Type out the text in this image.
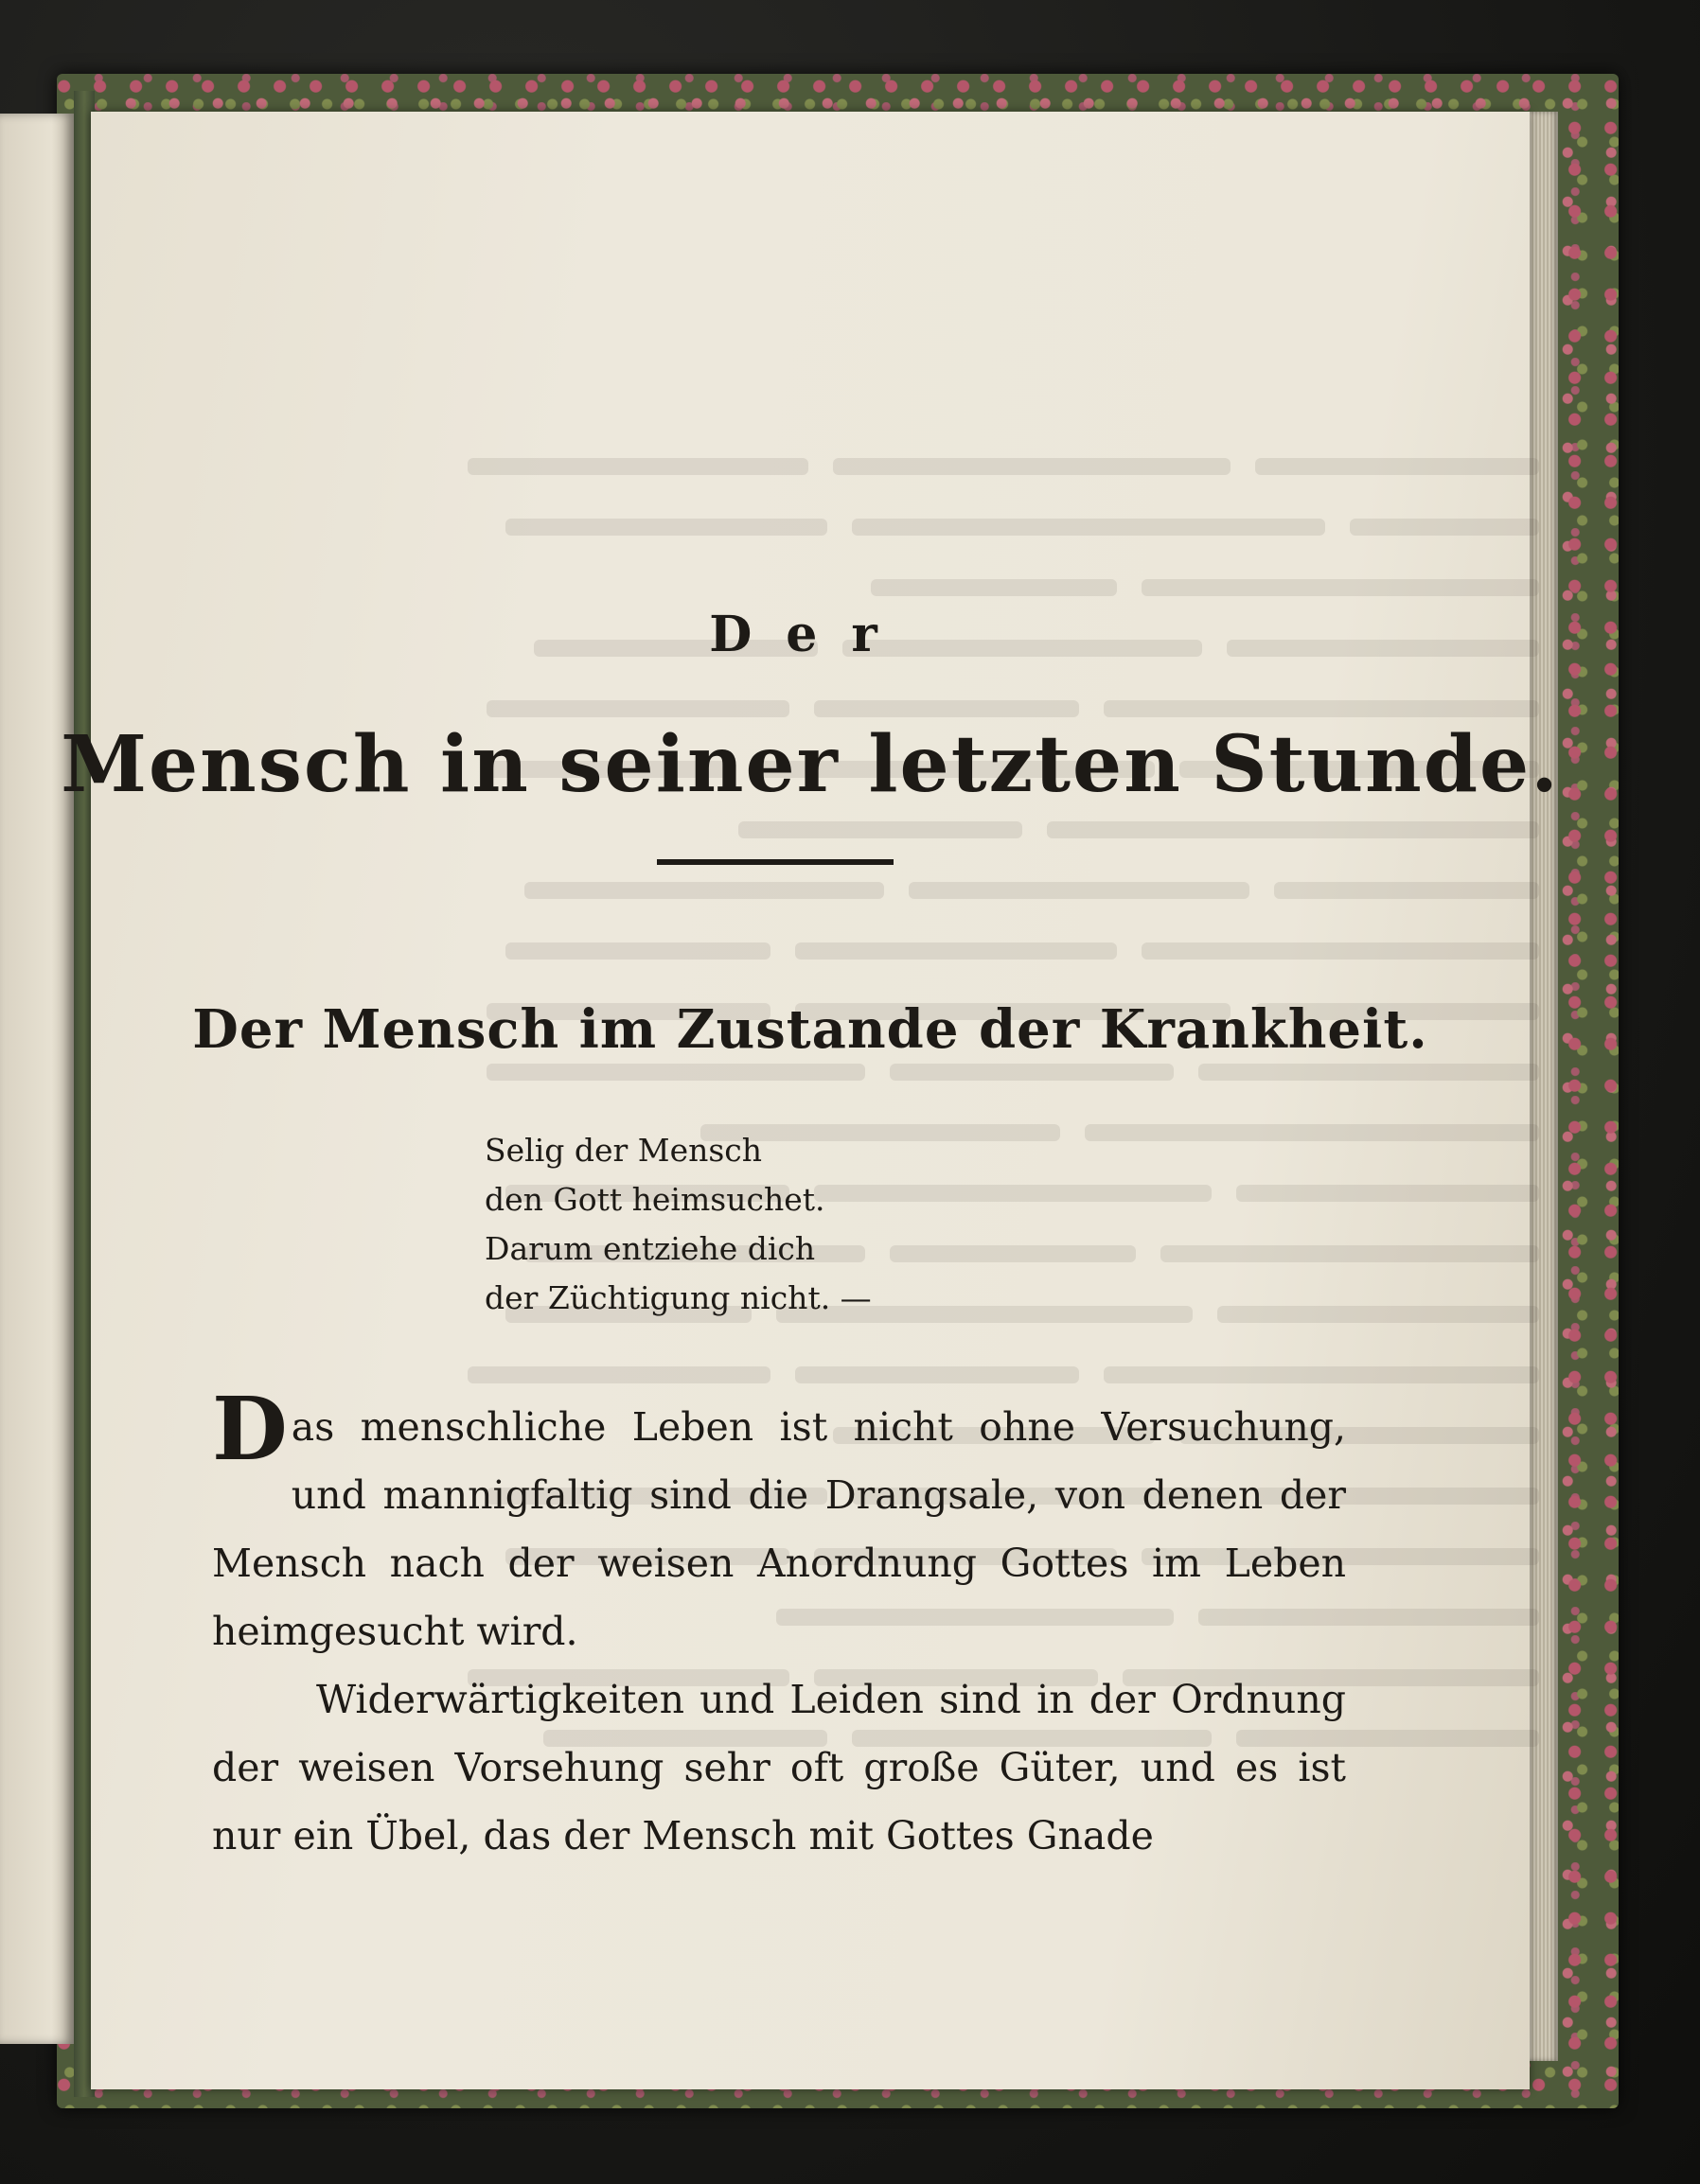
Der
Mensch in seiner letzten Stunde.
Der Mensch im Zustande der Krankheit.
Selig der Mensch
den Gott heimsuchet.
Darum entziehe dich
der Züchtigung nicht. —

Das menschliche Leben ist nicht ohne Versuchung, und mannigfaltig sind die Drangsale, von denen der Mensch nach der weisen Anordnung Gottes im Leben heimgesucht wird.

Widerwärtigkeiten und Leiden sind in der Ordnung der weisen Vorsehung sehr oft große Güter, und es ist nur ein Übel, das der Mensch mit Gottes Gnade
